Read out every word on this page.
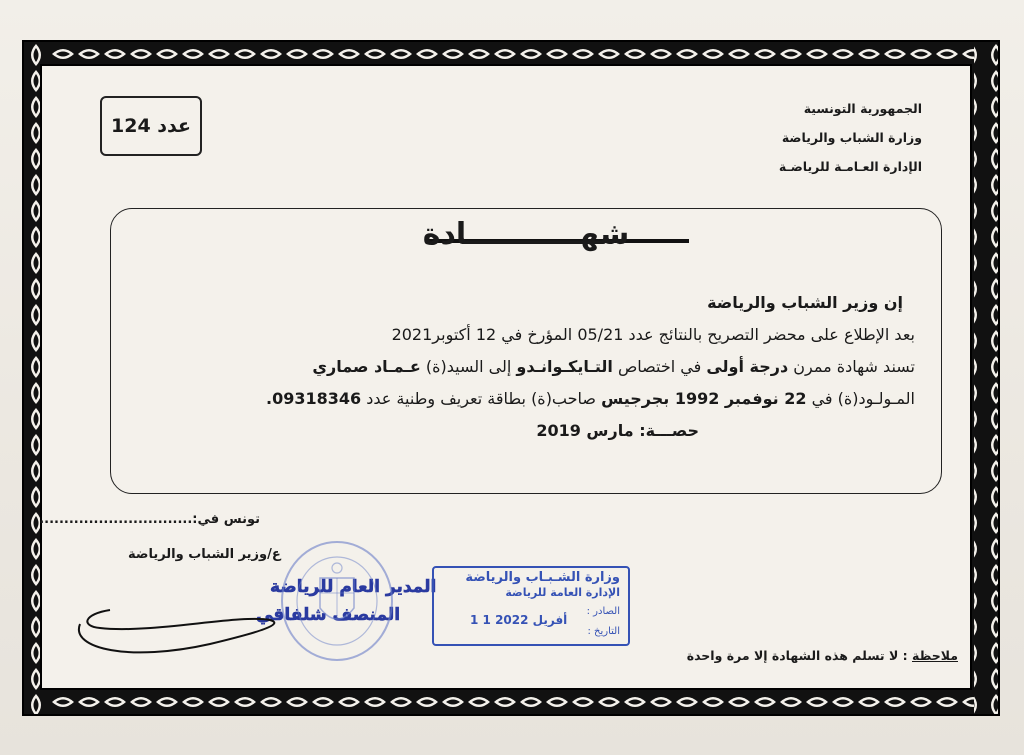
عدد 124
الجمهورية التونسية
وزارة الشباب والرياضة
الإدارة العـامـة للرياضـة
شهـــــــــــادة
إن وزير الشباب والرياضة
بعد الإطلاع على محضر التصريح بالنتائج عدد 05/21 المؤرخ في 12 أكتوبر2021
تسند شهادة ممرن درجة أولى في اختصاص التـايكـوانـدو إلى السيد(ة) عـمـاد صماري
المـولـود(ة) في 22 نوفمبر 1992 بجرجيس صاحب(ة) بطاقة تعريف وطنية عدد 09318346.
حصـــة: مارس 2019
تونس في:...............................
ع/وزير الشباب والرياضة
المدير العام للرياضة
المنصف شلفاقي
وزارة الشـبـاب والرياضة
الإدارة العامة للرياضة
الصادر :
التاريخ :
1 1 أفريل 2022
ملاحظة : لا تسلم هذه الشهادة إلا مرة واحدة
